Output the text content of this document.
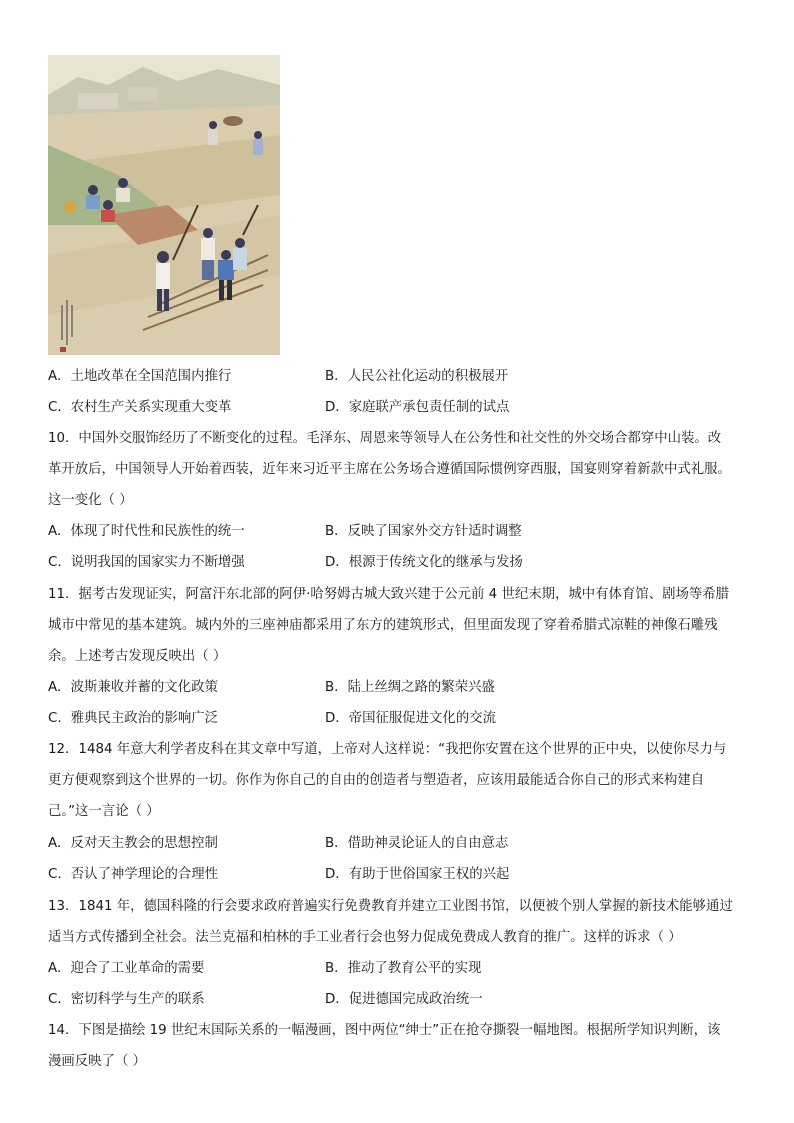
A．土地改革在全国范围内推行	B．人民公社化运动的积极展开
C．农村生产关系实现重大变革	D．家庭联产承包责任制的试点
10．中国外交服饰经历了不断变化的过程。毛泽东、周恩来等领导人在公务性和社交性的外交场合都穿中山装。改
革开放后，中国领导人开始着西装，近年来习近平主席在公务场合遵循国际惯例穿西服，国宴则穿着新款中式礼服。
这一变化（ ）
A．体现了时代性和民族性的统一	B．反映了国家外交方针适时调整
C．说明我国的国家实力不断增强	D．根源于传统文化的继承与发扬
11．据考古发现证实，阿富汗东北部的阿伊·哈努姆古城大致兴建于公元前 4 世纪末期，城中有体育馆、剧场等希腊
城市中常见的基本建筑。城内外的三座神庙都采用了东方的建筑形式，但里面发现了穿着希腊式凉鞋的神像石雕残
余。上述考古发现反映出（ ）
A．波斯兼收并蓄的文化政策	B．陆上丝绸之路的繁荣兴盛
C．雅典民主政治的影响广泛	D．帝国征服促进文化的交流
12．1484 年意大利学者皮科在其文章中写道，上帝对人这样说：“我把你安置在这个世界的正中央，以使你尽力与
更方便观察到这个世界的一切。你作为你自己的自由的创造者与塑造者，应该用最能适合你自己的形式来构建自
己。”这一言论（ ）
A．反对天主教会的思想控制	B．借助神灵论证人的自由意志
C．否认了神学理论的合理性	D．有助于世俗国家王权的兴起
13．1841 年，德国科隆的行会要求政府普遍实行免费教育并建立工业图书馆，以便被个别人掌握的新技术能够通过
适当方式传播到全社会。法兰克福和柏林的手工业者行会也努力促成免费成人教育的推广。这样的诉求（ ）
A．迎合了工业革命的需要	B．推动了教育公平的实现
C．密切科学与生产的联系	D．促进德国完成政治统一
14．下图是描绘 19 世纪末国际关系的一幅漫画，图中两位“绅士”正在抢夺撕裂一幅地图。根据所学知识判断，该
漫画反映了（ ）
